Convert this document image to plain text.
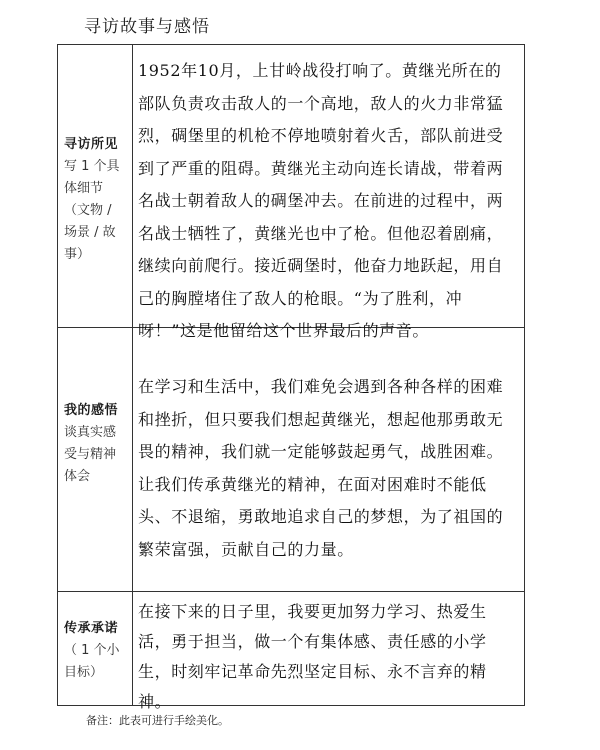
寻访故事与感悟
寻访所见
写 1 个具体细节（文物 / 场景 / 故事）
1952年10月，上甘岭战役打响了。黄继光所在的部队负责攻击敌人的一个高地，敌人的火力非常猛烈，碉堡里的机枪不停地喷射着火舌，部队前进受到了严重的阻碍。黄继光主动向连长请战，带着两名战士朝着敌人的碉堡冲去。在前进的过程中，两名战士牺牲了，黄继光也中了枪。但他忍着剧痛，继续向前爬行。接近碉堡时，他奋力地跃起，用自己的胸膛堵住了敌人的枪眼。“为了胜利，冲呀！”这是他留给这个世界最后的声音。
我的感悟
谈真实感受与精神体会
在学习和生活中，我们难免会遇到各种各样的困难和挫折，但只要我们想起黄继光，想起他那勇敢无畏的精神，我们就一定能够鼓起勇气，战胜困难。让我们传承黄继光的精神，在面对困难时不能低头、不退缩，勇敢地追求自己的梦想，为了祖国的繁荣富强，贡献自己的力量。
传承承诺
（ 1 个小目标）
在接下来的日子里，我要更加努力学习、热爱生活，勇于担当，做一个有集体感、责任感的小学生，时刻牢记革命先烈坚定目标、永不言弃的精神。
备注：此表可进行手绘美化。
